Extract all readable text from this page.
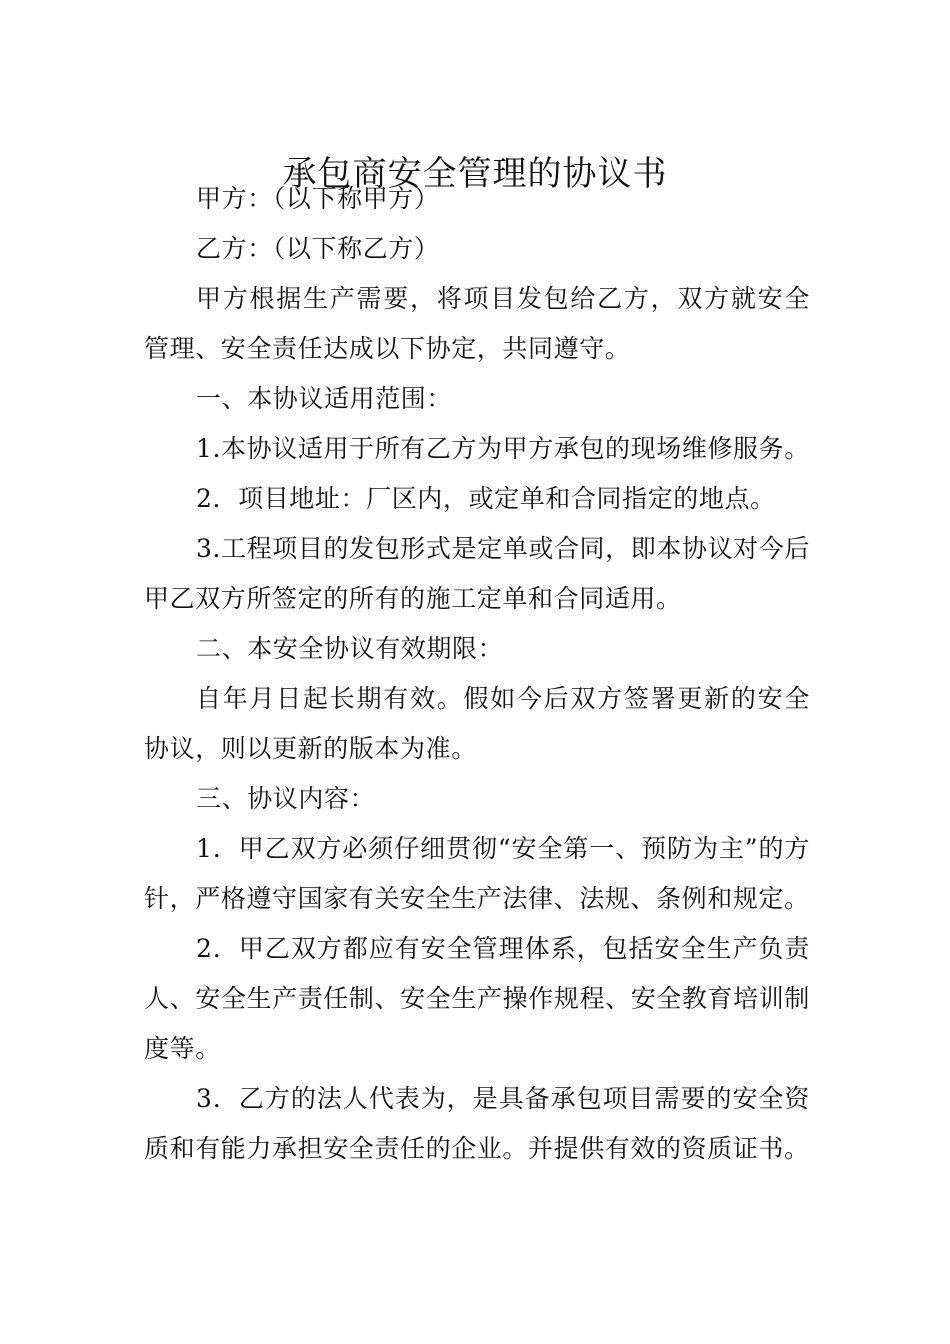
承包商安全管理的协议书

甲方：（以下称甲方）

乙方：（以下称乙方）

甲方根据生产需要，将项目发包给乙方，双方就安全管理、安全责任达成以下协定，共同遵守。

一、本协议适用范围：

1.本协议适用于所有乙方为甲方承包的现场维修服务。

2．项目地址：厂区内，或定单和合同指定的地点。

3.工程项目的发包形式是定单或合同，即本协议对今后甲乙双方所签定的所有的施工定单和合同适用。

二、本安全协议有效期限：

自年月日起长期有效。假如今后双方签署更新的安全协议，则以更新的版本为准。

三、协议内容：

1．甲乙双方必须仔细贯彻“安全第一、预防为主”的方针，严格遵守国家有关安全生产法律、法规、条例和规定。

2．甲乙双方都应有安全管理体系，包括安全生产负责人、安全生产责任制、安全生产操作规程、安全教育培训制度等。

3．乙方的法人代表为，是具备承包项目需要的安全资质和有能力承担安全责任的企业。并提供有效的资质证书。
